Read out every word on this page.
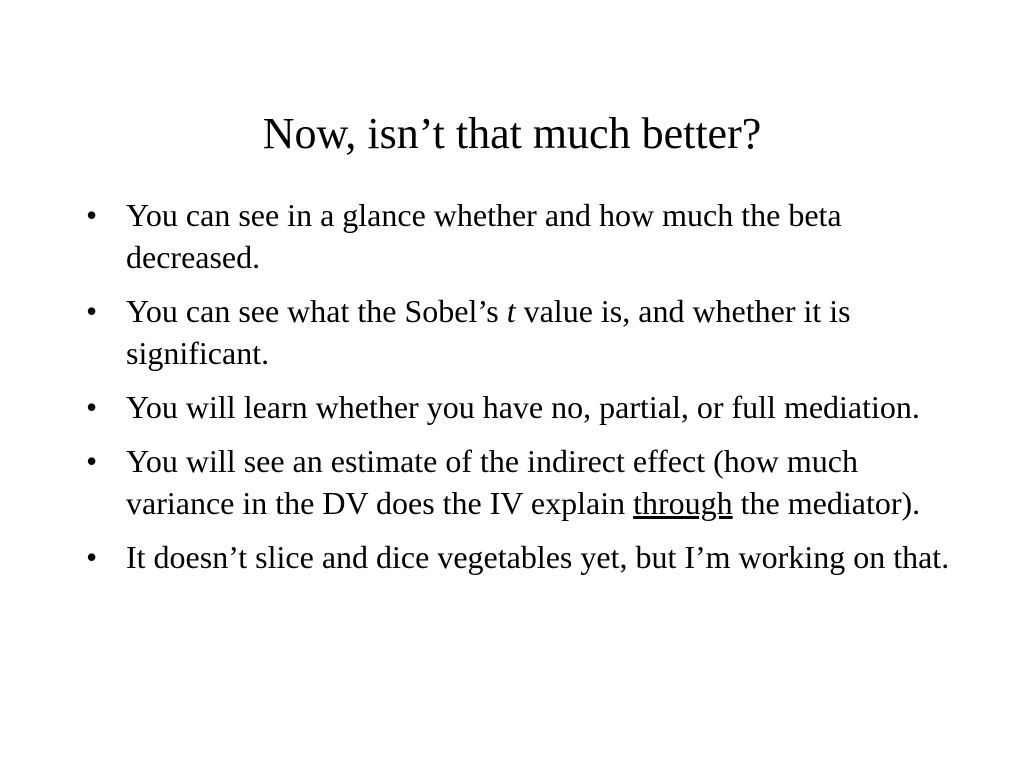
Now, isn’t that much better?
• You can see in a glance whether and how much the beta decreased.
• You can see what the Sobel’s t value is, and whether it is significant.
• You will learn whether you have no, partial, or full mediation.
• You will see an estimate of the indirect effect (how much variance in the DV does the IV explain through the mediator).
• It doesn’t slice and dice vegetables yet, but I’m working on that.
